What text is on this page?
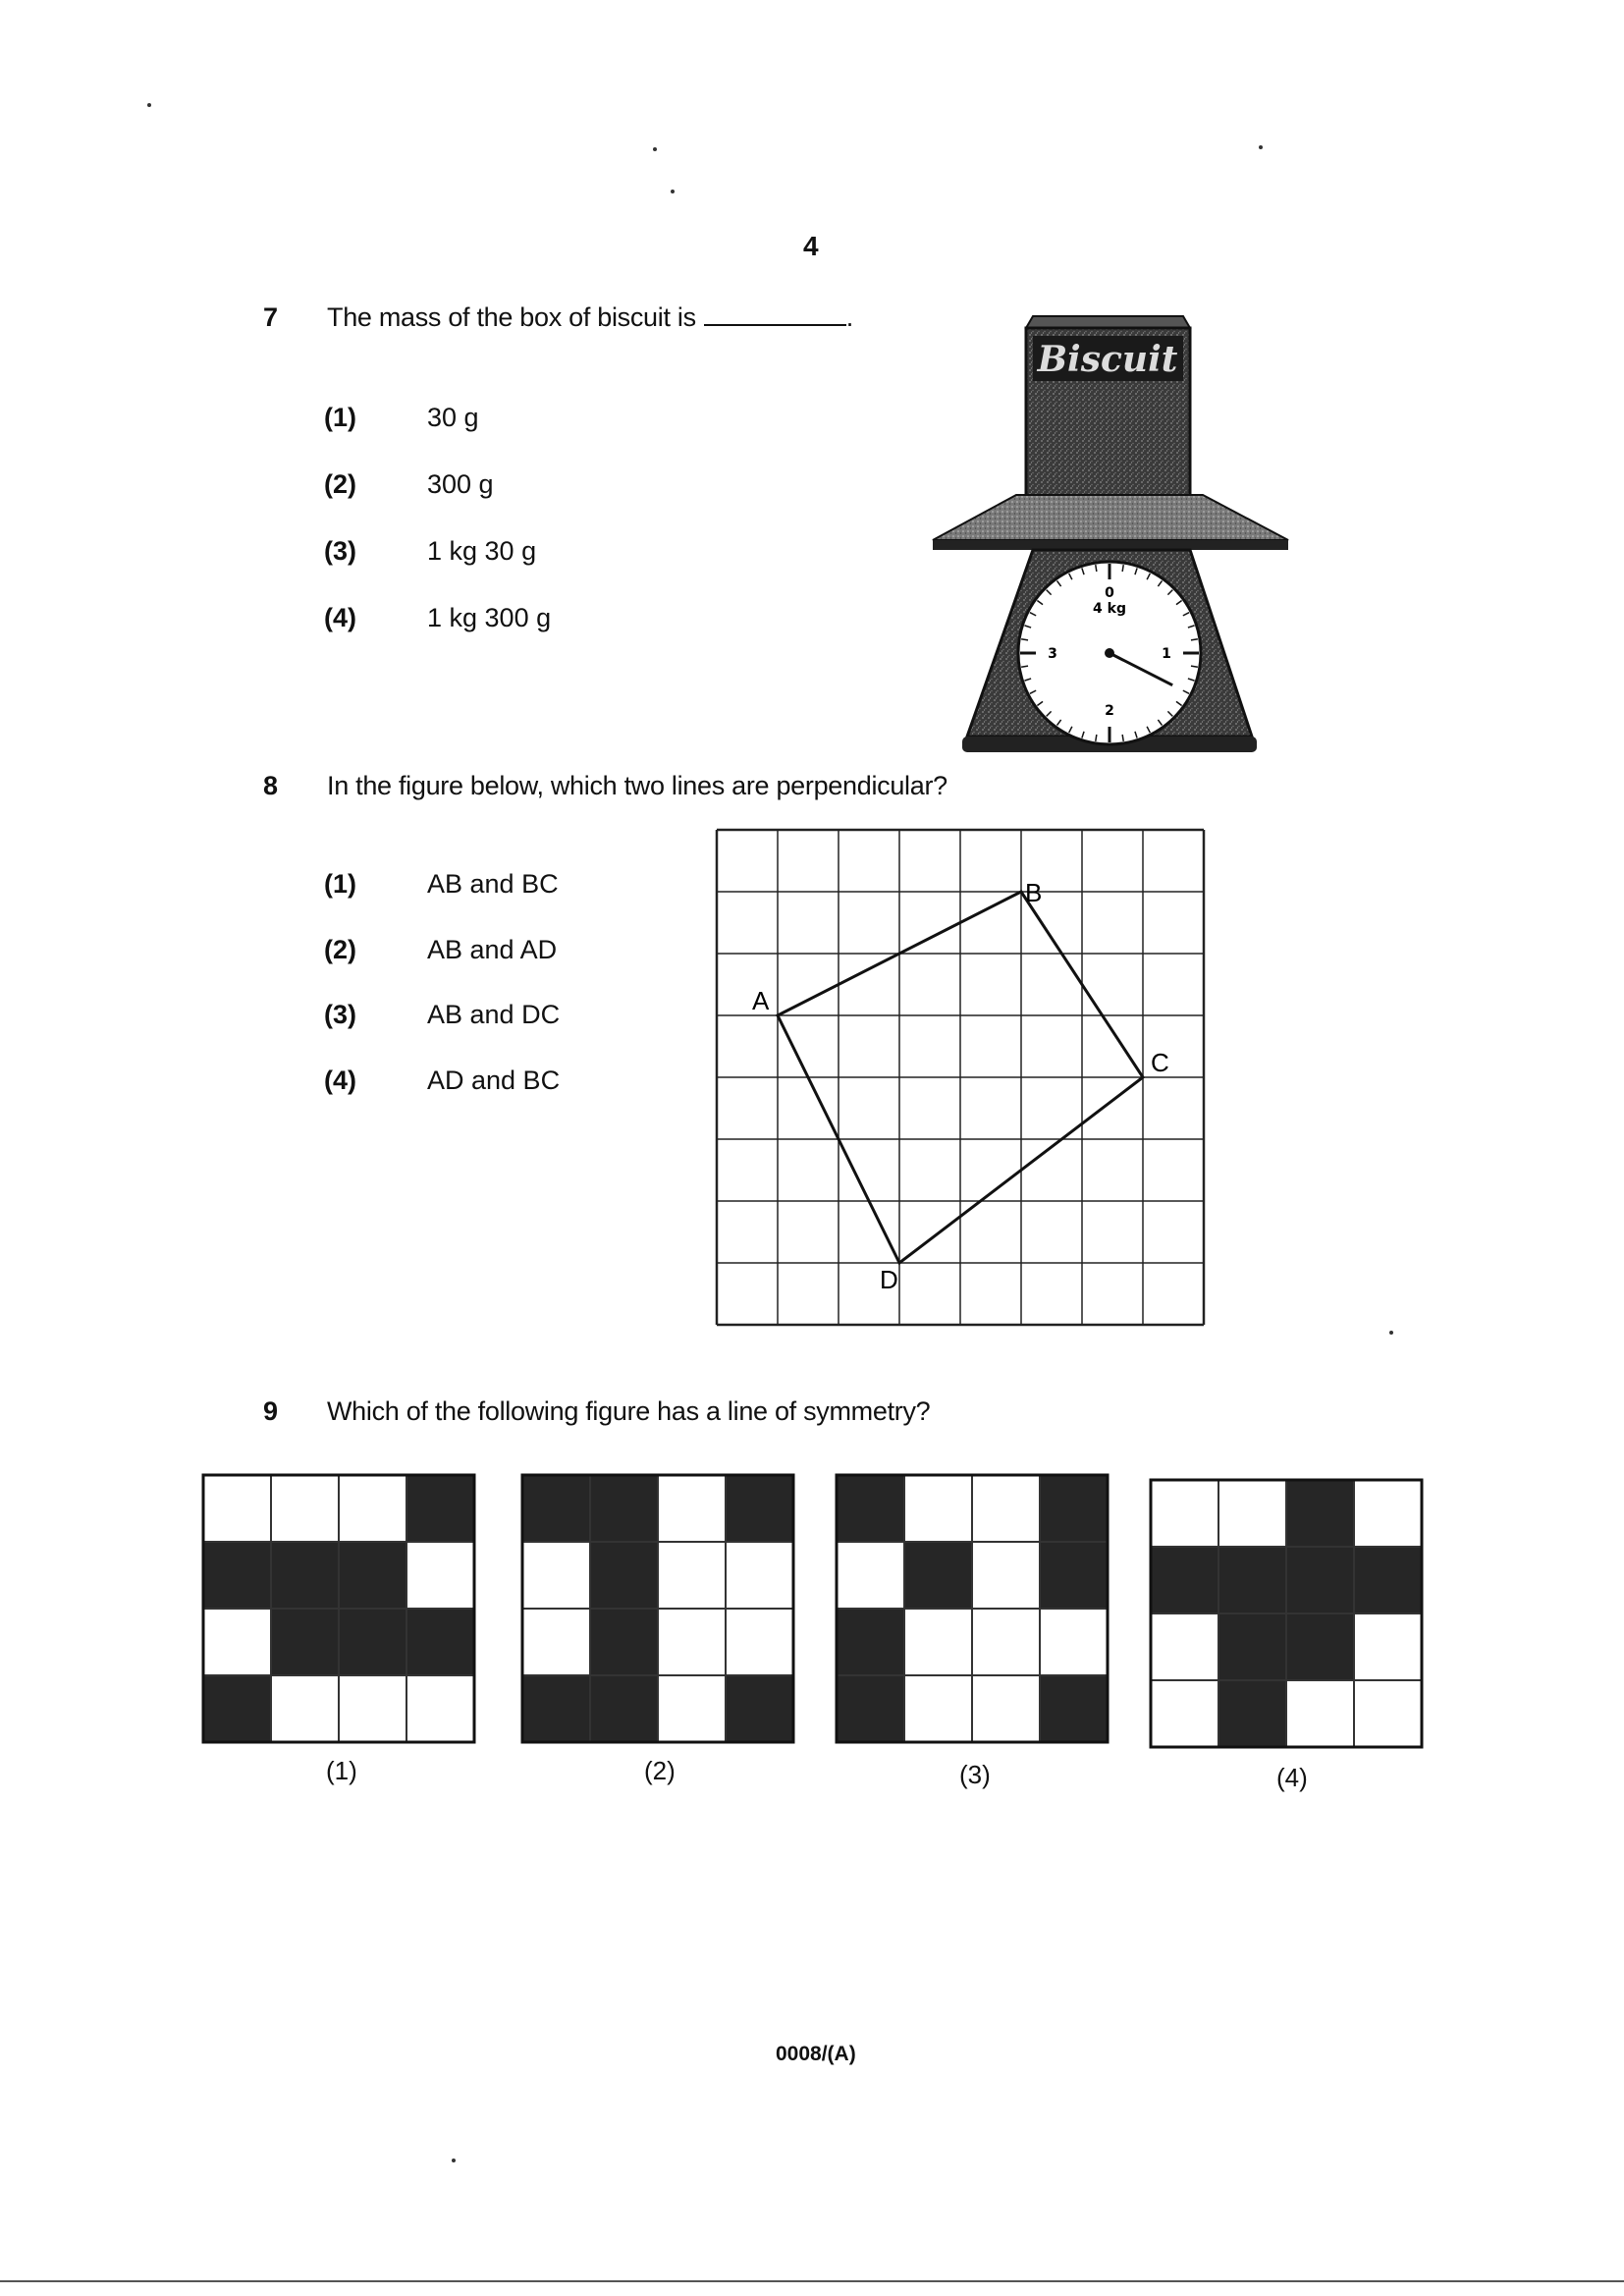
4
7 The mass of the box of biscuit is	.
(1)	30 g
(2)	300 g
(3)	1 kg 30 g
(4)	1 kg 300 g
Biscuit
0
4 kg
1
3
2
8 In the figure below, which two lines are perpendicular?
(1)	AB and BC
(2)	AB and AD
(3)	AB and DC
(4)	AD and BC
A
B
C
D
9 Which of the following figure has a line of symmetry?
(1)	(2)	(3)	(4)
0008/(A)
